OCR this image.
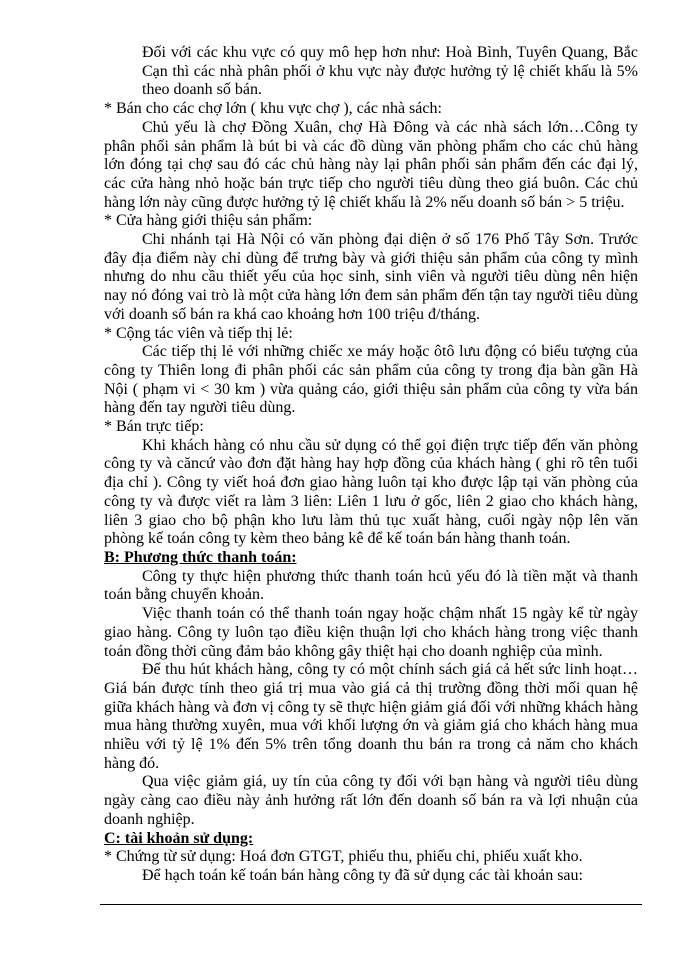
Đối với các khu vực có quy mô hẹp hơn như: Hoà Bình, Tuyên Quang, Bắc Cạn thì các nhà phân phối ở khu vực này được hưởng tỷ lệ chiết khấu là 5% theo doanh số bán.

* Bán cho các chợ lớn ( khu vực chợ ), các nhà sách:

Chủ yếu là chợ Đồng Xuân, chợ Hà Đông và các nhà sách lớn…Công ty phân phối sản phẩm là bút bi và các đồ dùng văn phòng phẩm cho các chủ hàng lớn đóng tại chợ sau đó các chủ hàng này lại phân phối sản phẩm đến các đại lý, các cửa hàng nhỏ hoặc bán trực tiếp cho người tiêu dùng theo giá buôn. Các chủ hàng lớn này cũng được hưởng tỷ lệ chiết khấu là 2% nếu doanh số bán > 5 triệu.

* Cửa hàng giới thiệu sản phẩm:

Chi nhánh tại Hà Nội có văn phòng đại diện ở số 176 Phố Tây Sơn. Trước đây địa điểm này chỉ dùng để trưng bày và giới thiệu sản phẩm của công ty mình nhưng do nhu cầu thiết yếu của học sinh, sinh viên và người tiêu dùng nên hiện nay nó đóng vai trò là một cửa hàng lớn đem sản phẩm đến tận tay người tiêu dùng với doanh số bán ra khá cao khoảng hơn 100 triệu đ/tháng.

* Cộng tác viên và tiếp thị lẻ:

Các tiếp thị lẻ với những chiếc xe máy hoặc ôtô lưu động có biểu tượng của công ty Thiên long đi phân phối các sản phẩm của công ty trong địa bàn gần Hà Nội ( phạm vi < 30 km ) vừa quảng cáo, giới thiệu sản phẩm của công ty vừa bán hàng đến tay người tiêu dùng.

* Bán trực tiếp:

Khi khách hàng có nhu cầu sử dụng có thể gọi điện trực tiếp đến văn phòng công ty và căncứ vào đơn đặt hàng hay hợp đồng của khách hàng ( ghi rõ tên tuổi địa chỉ ). Công ty viết hoá đơn giao hàng luôn tại kho được lập tại văn phòng của công ty và được viết ra làm 3 liên: Liên 1 lưu ở gốc, liên 2 giao cho khách hàng, liên 3 giao cho bộ phận kho lưu làm thủ tục xuất hàng, cuối ngày nộp lên văn phòng kế toán công ty kèm theo bảng kê để kế toán bán hàng thanh toán.

B: Phương thức thanh toán:

Công ty thực hiện phương thức thanh toán hcủ yếu đó là tiền mặt và thanh toán bằng chuyển khoản.

Việc thanh toán có thể thanh toán ngay hoặc chậm nhất 15 ngày kể từ ngày giao hàng. Công ty luôn tạo điều kiện thuận lợi cho khách hàng trong việc thanh toán đồng thời cũng đảm bảo không gây thiệt hại cho doanh nghiệp của mình.

Để thu hút khách hàng, công ty có một chính sách giá cả hết sức linh hoạt…Giá bán được tính theo giá trị mua vào giá cả thị trường đồng thời mối quan hệ giữa khách hàng và đơn vị công ty sẽ thực hiện giảm giá đối với những khách hàng mua hàng thường xuyên, mua với khối lượng ớn và giảm giá cho khách hàng mua nhiều với tỷ lệ 1% đến 5% trên tổng doanh thu bán ra trong cả năm cho khách hàng đó.

Qua việc giảm giá, uy tín của công ty đối với bạn hàng và người tiêu dùng ngày càng cao điều này ảnh hưởng rất lớn đến doanh số bán ra và lợi nhuận của doanh nghiệp.

C: tài khoản sử dụng:

* Chứng từ sử dụng: Hoá đơn GTGT, phiếu thu, phiếu chi, phiếu xuất kho.

Để hạch toán kế toán bán hàng công ty đã sử dụng các tài khoản sau:
